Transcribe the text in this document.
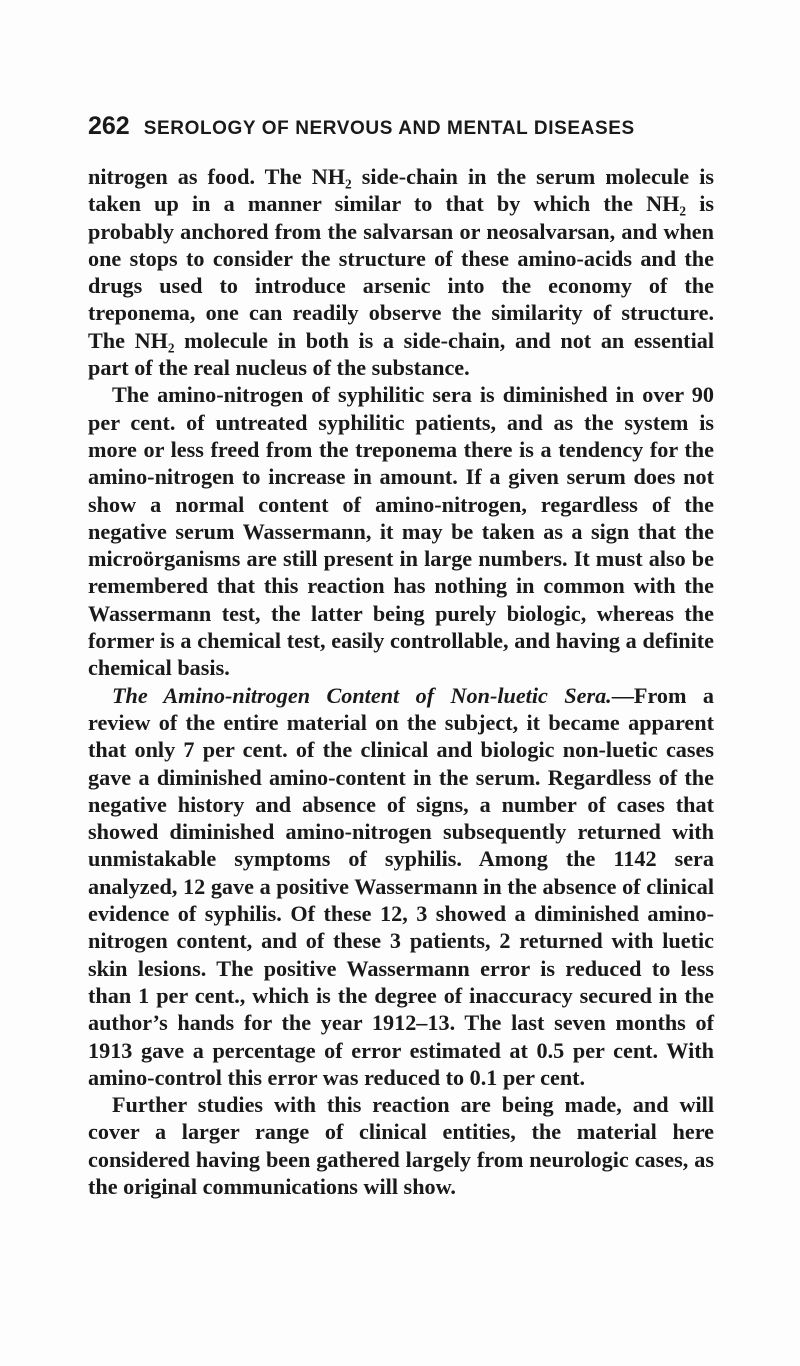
262 SEROLOGY OF NERVOUS AND MENTAL DISEASES

nitrogen as food. The NH₂ side-chain in the serum molecule is taken up in a manner similar to that by which the NH₂ is probably anchored from the salvarsan or neosalvarsan, and when one stops to consider the structure of these amino-acids and the drugs used to introduce arsenic into the economy of the treponema, one can readily observe the similarity of structure. The NH₂ molecule in both is a side-chain, and not an essential part of the real nucleus of the substance.

The amino-nitrogen of syphilitic sera is diminished in over 90 per cent. of untreated syphilitic patients, and as the system is more or less freed from the treponema there is a tendency for the amino-nitrogen to increase in amount. If a given serum does not show a normal content of amino-nitrogen, regardless of the negative serum Wassermann, it may be taken as a sign that the microörganisms are still present in large numbers. It must also be remembered that this reaction has nothing in common with the Wassermann test, the latter being purely biologic, whereas the former is a chemical test, easily controllable, and having a definite chemical basis.

The Amino-nitrogen Content of Non-luetic Sera.—From a review of the entire material on the subject, it became apparent that only 7 per cent. of the clinical and biologic non-luetic cases gave a diminished amino-content in the serum. Regardless of the negative history and absence of signs, a number of cases that showed diminished amino-nitrogen subsequently returned with unmistakable symptoms of syphilis. Among the 1142 sera analyzed, 12 gave a positive Wassermann in the absence of clinical evidence of syphilis. Of these 12, 3 showed a diminished amino-nitrogen content, and of these 3 patients, 2 returned with luetic skin lesions. The positive Wassermann error is reduced to less than 1 per cent., which is the degree of inaccuracy secured in the author’s hands for the year 1912–13. The last seven months of 1913 gave a percentage of error estimated at 0.5 per cent. With amino-control this error was reduced to 0.1 per cent.

Further studies with this reaction are being made, and will cover a larger range of clinical entities, the material here considered having been gathered largely from neurologic cases, as the original communications will show.
